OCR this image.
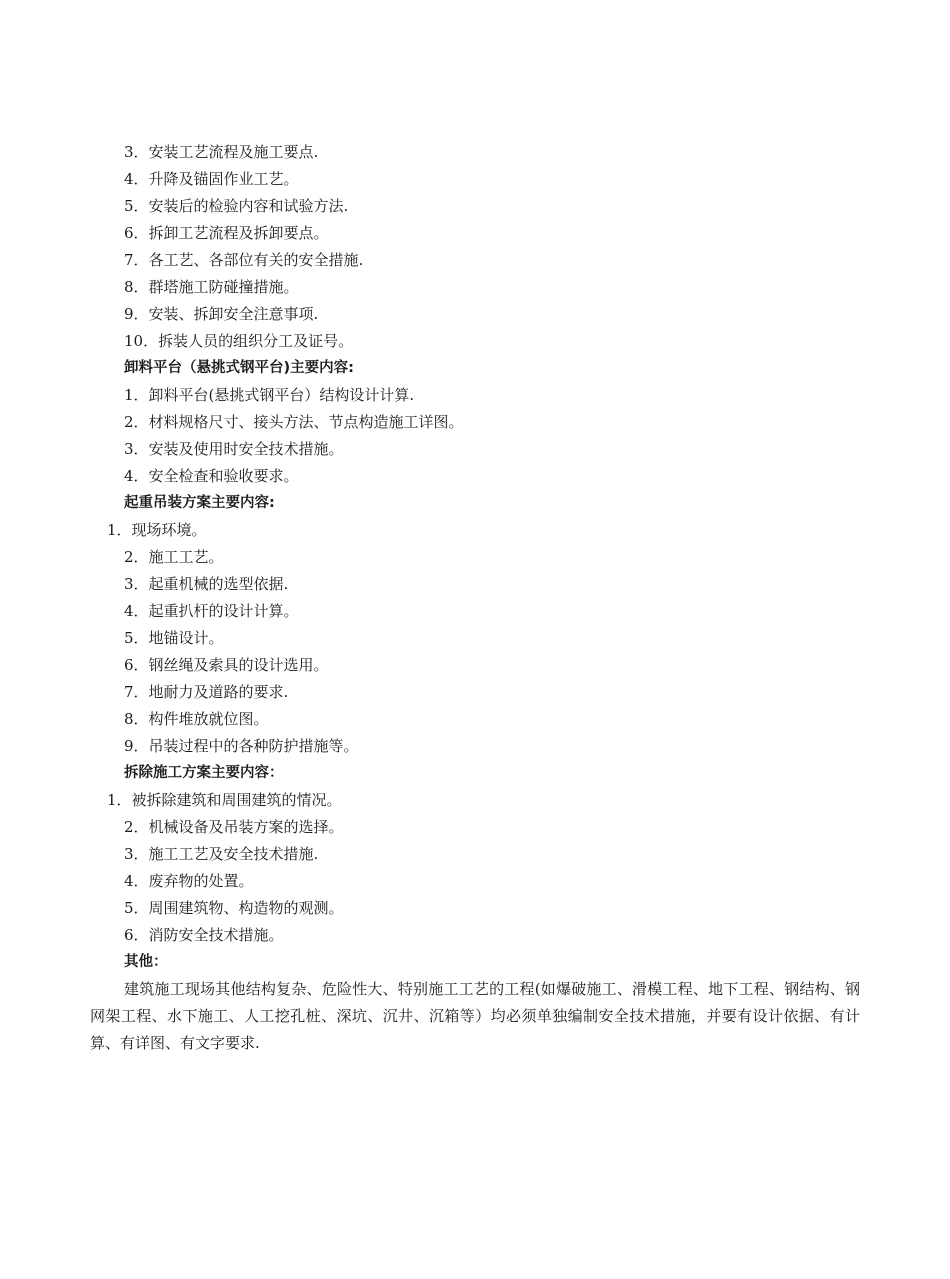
3．安装工艺流程及施工要点.
4．升降及锚固作业工艺。
5．安装后的检验内容和试验方法.
6．拆卸工艺流程及拆卸要点。
7．各工艺、各部位有关的安全措施.
8．群塔施工防碰撞措施。
9．安装、拆卸安全注意事项.
10．拆装人员的组织分工及证号。
卸料平台（悬挑式钢平台)主要内容:
1．卸料平台(悬挑式钢平台）结构设计计算.
2．材料规格尺寸、接头方法、节点构造施工详图。
3．安装及使用时安全技术措施。
4．安全检查和验收要求。
起重吊装方案主要内容:
1．现场环境。
2．施工工艺。
3．起重机械的选型依据.
4．起重扒杆的设计计算。
5．地锚设计。
6．钢丝绳及索具的设计选用。
7．地耐力及道路的要求.
8．构件堆放就位图。
9．吊装过程中的各种防护措施等。
拆除施工方案主要内容：
1．被拆除建筑和周围建筑的情况。
2．机械设备及吊装方案的选择。
3．施工工艺及安全技术措施.
4．废弃物的处置。
5．周围建筑物、构造物的观测。
6．消防安全技术措施。
其他：

建筑施工现场其他结构复杂、危险性大、特别施工工艺的工程(如爆破施工、滑模工程、地下工程、钢结构、钢网架工程、水下施工、人工挖孔桩、深坑、沉井、沉箱等）均必须单独编制安全技术措施，并要有设计依据、有计算、有详图、有文字要求.
